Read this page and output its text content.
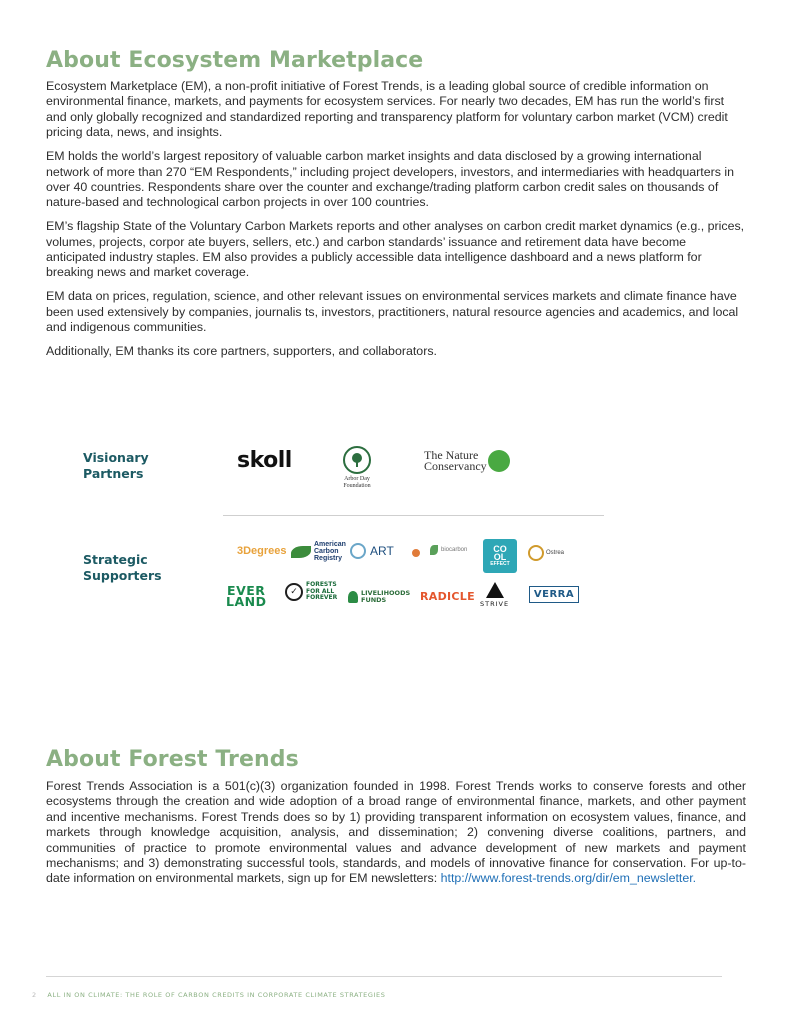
About Ecosystem Marketplace

Ecosystem Marketplace (EM), a non-profit initiative of Forest Trends, is a leading global source of credible information on environmental finance, markets, and payments for ecosystem services. For nearly two decades, EM has run the world’s first and only globally recognized and standardized reporting and transparency platform for voluntary carbon market (VCM) credit pricing data, news, and insights.

EM holds the world’s largest repository of valuable carbon market insights and data disclosed by a growing international network of more than 270 “EM Respondents,” including project developers, investors, and intermediaries with headquarters in over 40 countries. Respondents share over the counter and exchange/trading platform carbon credit sales on thousands of nature-based and technological carbon projects in over 100 countries.

EM’s flagship State of the Voluntary Carbon Markets reports and other analyses on carbon credit market dynamics (e.g., prices, volumes, projects, corpor ate buyers, sellers, etc.) and carbon standards’ issuance and retirement data have become anticipated industry staples. EM also provides a publicly accessible data intelligence dashboard and a news platform for breaking news and market coverage.

EM data on prices, regulation, science, and other relevant issues on environmental services markets and climate finance have been used extensively by companies, journalis ts, investors, practitioners, natural resource agencies and academics, and local and indigenous communities.

Additionally, EM thanks its core partners, supporters, and collaborators.

Visionary Partners
skoll
Arbor Day Foundation
The Nature Conservancy
Strategic Supporters
3Degrees
American Carbon Registry
ART	biocarbon	CO
OL
EFFECT
Ostrea
EVER
LAND
✓
FORESTS FOR ALL FOREVER
LIVELIHOODS FUNDS	RADICLE
STRIVE
VERRA
About Forest Trends

Forest Trends Association is a 501(c)(3) organization founded in 1998. Forest Trends works to conserve forests and other ecosystems through the creation and wide adoption of a broad range of environmental finance, markets, and other payment and incentive mechanisms. Forest Trends does so by 1) providing transparent information on ecosystem values, finance, and markets through knowledge acquisition, analysis, and dissemination; 2) convening diverse coalitions, partners, and communities of practice to promote environmental values and advance development of new markets and payment mechanisms; and 3) demonstrating successful tools, standards, and models of innovative finance for conservation. For up-to-date information on environmental markets, sign up for EM newsletters: http://www.forest-trends.org/dir/em_newsletter.

2 ALL IN ON CLIMATE: THE ROLE OF CARBON CREDITS IN CORPORATE CLIMATE STRATEGIES
